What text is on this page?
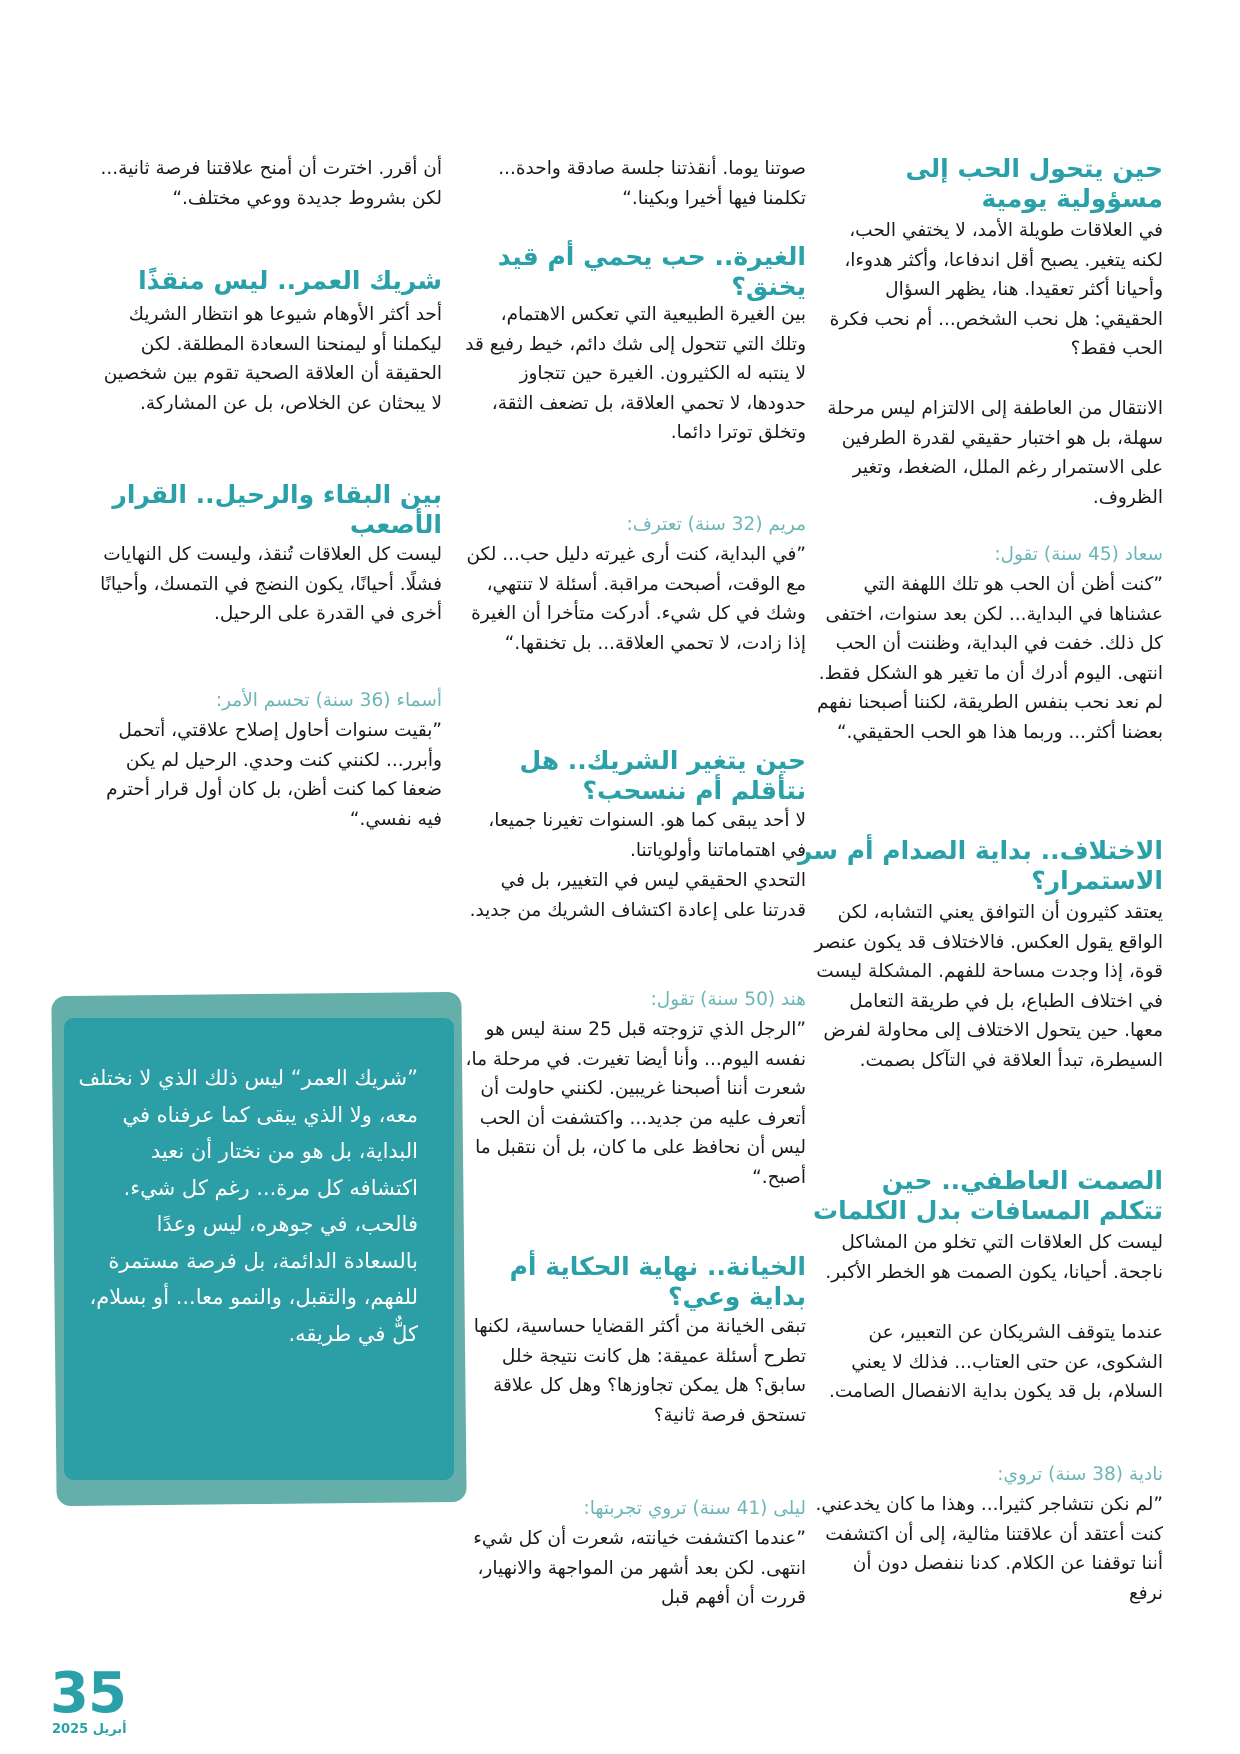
حين يتحول الحب إلى مسؤولية يومية
في العلاقات طويلة الأمد، لا يختفي الحب، لكنه يتغير. يصبح أقل اندفاعا، وأكثر هدوءا، وأحيانا أكثر تعقيدا. هنا، يظهر السؤال الحقيقي: هل نحب الشخص... أم نحب فكرة الحب فقط؟
الانتقال من العاطفة إلى الالتزام ليس مرحلة سهلة، بل هو اختبار حقيقي لقدرة الطرفين على الاستمرار رغم الملل، الضغط، وتغير الظروف.
سعاد (45 سنة) تقول:
”كنت أظن أن الحب هو تلك اللهفة التي عشناها في البداية... لكن بعد سنوات، اختفى كل ذلك. خفت في البداية، وظننت أن الحب انتهى. اليوم أدرك أن ما تغير هو الشكل فقط. لم نعد نحب بنفس الطريقة، لكننا أصبحنا نفهم بعضنا أكثر... وربما هذا هو الحب الحقيقي.“
الاختلاف.. بداية الصدام أم سر الاستمرار؟
يعتقد كثيرون أن التوافق يعني التشابه، لكن الواقع يقول العكس. فالاختلاف قد يكون عنصر قوة، إذا وجدت مساحة للفهم. المشكلة ليست في اختلاف الطباع، بل في طريقة التعامل معها. حين يتحول الاختلاف إلى محاولة لفرض السيطرة، تبدأ العلاقة في التآكل بصمت.
الصمت العاطفي.. حين تتكلم المسافات بدل الكلمات
ليست كل العلاقات التي تخلو من المشاكل ناجحة. أحيانا، يكون الصمت هو الخطر الأكبر.
عندما يتوقف الشريكان عن التعبير، عن الشكوى، عن حتى العتاب... فذلك لا يعني السلام، بل قد يكون بداية الانفصال الصامت.
نادية (38 سنة) تروي:
”لم نكن نتشاجر كثيرا... وهذا ما كان يخدعني. كنت أعتقد أن علاقتنا مثالية، إلى أن اكتشفت أننا توقفنا عن الكلام. كدنا ننفصل دون أن نرفع
صوتنا يوما. أنقذتنا جلسة صادقة واحدة... تكلمنا فيها أخيرا وبكينا.“
الغيرة.. حب يحمي أم قيد يخنق؟
بين الغيرة الطبيعية التي تعكس الاهتمام، وتلك التي تتحول إلى شك دائم، خيط رفيع قد لا ينتبه له الكثيرون. الغيرة حين تتجاوز حدودها، لا تحمي العلاقة، بل تضعف الثقة، وتخلق توترا دائما.
مريم (32 سنة) تعترف:
”في البداية، كنت أرى غيرته دليل حب... لكن مع الوقت، أصبحت مراقبة. أسئلة لا تنتهي، وشك في كل شيء. أدركت متأخرا أن الغيرة إذا زادت، لا تحمي العلاقة... بل تخنقها.“
حين يتغير الشريك.. هل نتأقلم أم ننسحب؟
لا أحد يبقى كما هو. السنوات تغيرنا جميعا، في اهتماماتنا وأولوياتنا.
التحدي الحقيقي ليس في التغيير، بل في قدرتنا على إعادة اكتشاف الشريك من جديد.
هند (50 سنة) تقول:
”الرجل الذي تزوجته قبل 25 سنة ليس هو نفسه اليوم... وأنا أيضا تغيرت. في مرحلة ما، شعرت أننا أصبحنا غريبين. لكنني حاولت أن أتعرف عليه من جديد... واكتشفت أن الحب ليس أن نحافظ على ما كان، بل أن نتقبل ما أصبح.“
الخيانة.. نهاية الحكاية أم بداية وعي؟
تبقى الخيانة من أكثر القضايا حساسية، لكنها تطرح أسئلة عميقة: هل كانت نتيجة خلل سابق؟ هل يمكن تجاوزها؟ وهل كل علاقة تستحق فرصة ثانية؟
ليلى (41 سنة) تروي تجربتها:
”عندما اكتشفت خيانته، شعرت أن كل شيء انتهى. لكن بعد أشهر من المواجهة والانهيار، قررت أن أفهم قبل
أن أقرر. اخترت أن أمنح علاقتنا فرصة ثانية... لكن بشروط جديدة ووعي مختلف.“
شريك العمر.. ليس منقذًا
أحد أكثر الأوهام شيوعا هو انتظار الشريك ليكملنا أو ليمنحنا السعادة المطلقة. لكن الحقيقة أن العلاقة الصحية تقوم بين شخصين لا يبحثان عن الخلاص، بل عن المشاركة.
بين البقاء والرحيل.. القرار الأصعب
ليست كل العلاقات تُنقذ، وليست كل النهايات فشلًا. أحيانًا، يكون النضج في التمسك، وأحيانًا أخرى في القدرة على الرحيل.
أسماء (36 سنة) تحسم الأمر:
”بقيت سنوات أحاول إصلاح علاقتي، أتحمل وأبرر... لكنني كنت وحدي. الرحيل لم يكن ضعفا كما كنت أظن، بل كان أول قرار أحترم فيه نفسي.“
”شريك العمر“ ليس ذلك الذي لا نختلف معه، ولا الذي يبقى كما عرفناه في البداية، بل هو من نختار أن نعيد اكتشافه كل مرة... رغم كل شيء. فالحب، في جوهره، ليس وعدًا بالسعادة الدائمة، بل فرصة مستمرة للفهم، والتقبل، والنمو معا... أو بسلام، كلٌّ في طريقه.
35
أبريل 2025
